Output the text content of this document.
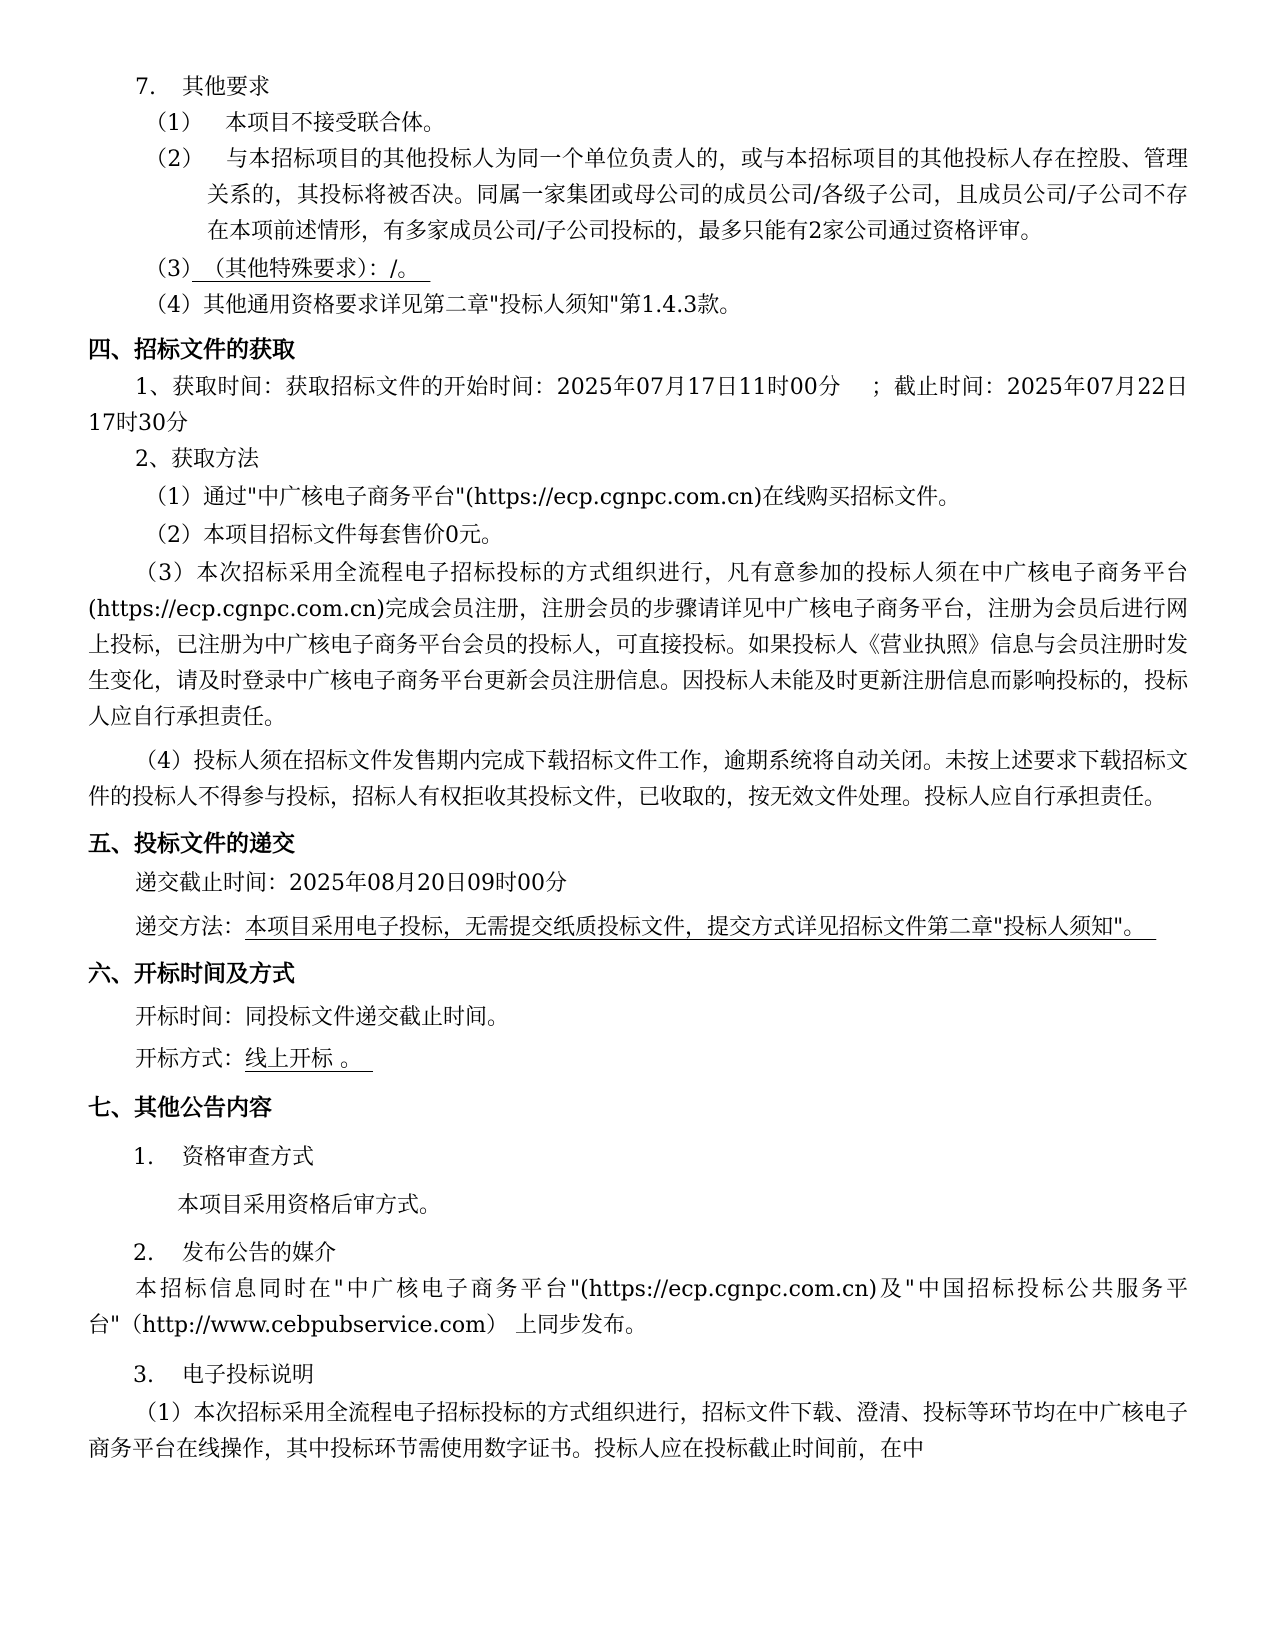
7. 其他要求

（1） 本项目不接受联合体。

（2） 与本招标项目的其他投标人为同一个单位负责人的，或与本招标项目的其他投标人存在控股、管理关系的，其投标将被否决。同属一家集团或母公司的成员公司/各级子公司，且成员公司/子公司不存在本项前述情形，有多家成员公司/子公司投标的，最多只能有2家公司通过资格评审。

（3）　（其他特殊要求）：/。　

（4）其他通用资格要求详见第二章"投标人须知"第1.4.3款。

四、招标文件的获取

1、获取时间：获取招标文件的开始时间：2025年07月17日11时00分　 ；截止时间：2025年07月22日17时30分

2、获取方法

（1）通过"中广核电子商务平台"(https://ecp.cgnpc.com.cn)在线购买招标文件。

（2）本项目招标文件每套售价0元。

（3）本次招标采用全流程电子招标投标的方式组织进行，凡有意参加的投标人须在中广核电子商务平台(https://ecp.cgnpc.com.cn)完成会员注册，注册会员的步骤请详见中广核电子商务平台，注册为会员后进行网上投标，已注册为中广核电子商务平台会员的投标人，可直接投标。如果投标人《营业执照》信息与会员注册时发生变化，请及时登录中广核电子商务平台更新会员注册信息。因投标人未能及时更新注册信息而影响投标的，投标人应自行承担责任。

（4）投标人须在招标文件发售期内完成下载招标文件工作，逾期系统将自动关闭。未按上述要求下载招标文件的投标人不得参与投标，招标人有权拒收其投标文件，已收取的，按无效文件处理。投标人应自行承担责任。

五、投标文件的递交

递交截止时间：2025年08月20日09时00分

递交方法：本项目采用电子投标，无需提交纸质投标文件，提交方式详见招标文件第二章"投标人须知"。　

六、开标时间及方式

开标时间：同投标文件递交截止时间。

开标方式：线上开标 。　

七、其他公告内容

1. 资格审查方式

本项目采用资格后审方式。

2. 发布公告的媒介

本招标信息同时在"中广核电子商务平台"(https://ecp.cgnpc.com.cn)及"中国招标投标公共服务平台"（http://www.cebpubservice.com） 上同步发布。

3. 电子投标说明

（1）本次招标采用全流程电子招标投标的方式组织进行，招标文件下载、澄清、投标等环节均在中广核电子商务平台在线操作，其中投标环节需使用数字证书。投标人应在投标截止时间前，在中
